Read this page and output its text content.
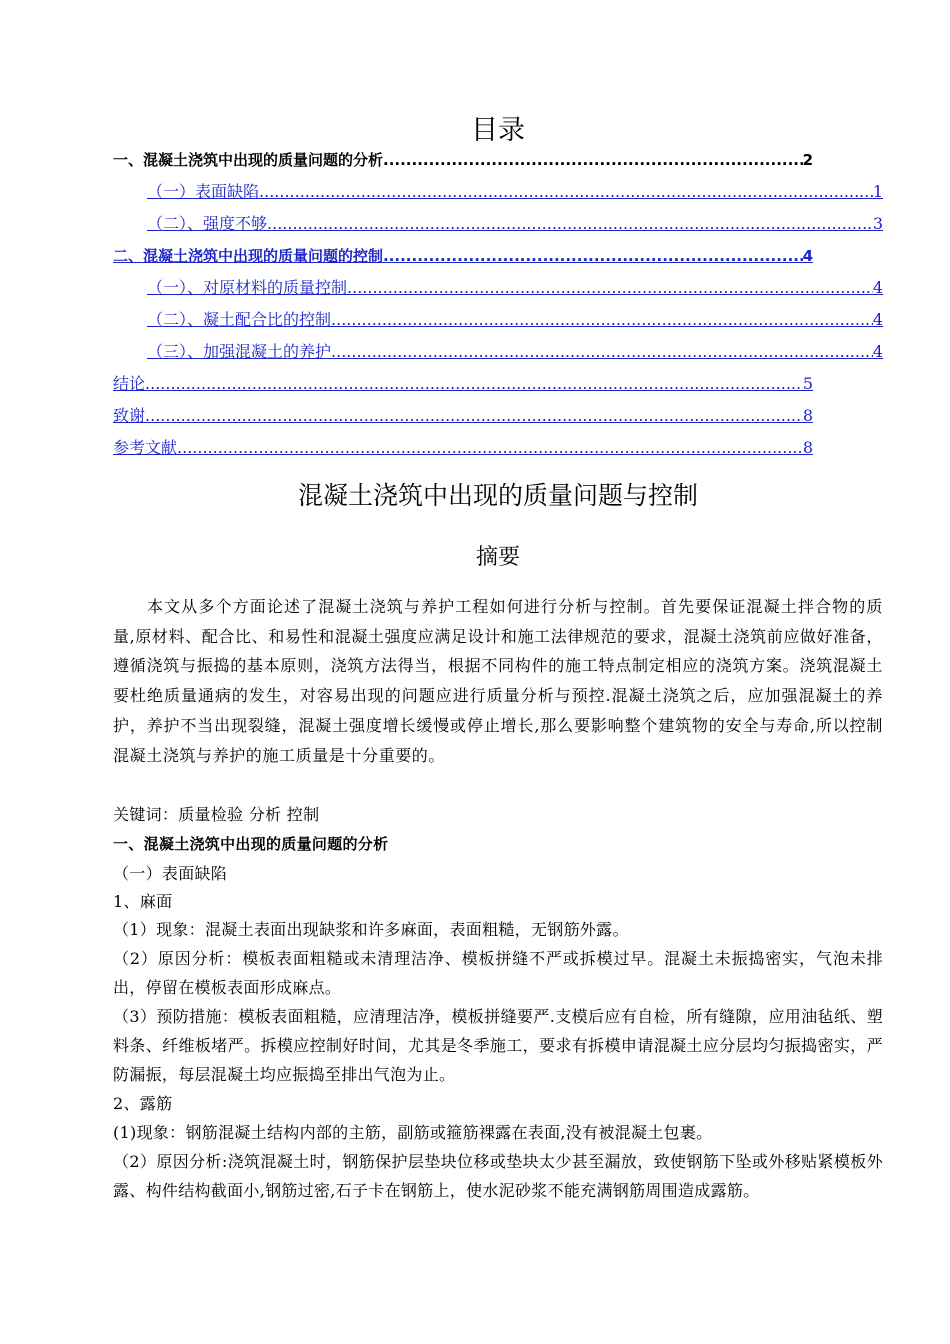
目录
一、混凝土浇筑中出现的质量问题的分析 .....	2
（一）表面缺陷 .....	1
（二）、强度不够 .....	3
二、混凝土浇筑中出现的质量问题的控制 .....	4
（一）、对原材料的质量控制 .....	4
（二）、凝土配合比的控制 .....	4
（三）、加强混凝土的养护 .....	4
结论 .....	5
致谢 .....	8
参考文献 .....	8
混凝土浇筑中出现的质量问题与控制
摘要
本文从多个方面论述了混凝土浇筑与养护工程如何进行分析与控制。首先要保证混凝土拌合物的质量,原材料、配合比、和易性和混凝土强度应满足设计和施工法律规范的要求，混凝土浇筑前应做好准备，遵循浇筑与振捣的基本原则，浇筑方法得当，根据不同构件的施工特点制定相应的浇筑方案。浇筑混凝土要杜绝质量通病的发生，对容易出现的问题应进行质量分析与预控.混凝土浇筑之后，应加强混凝土的养护，养护不当出现裂缝，混凝土强度增长缓慢或停止增长,那么要影响整个建筑物的安全与寿命,所以控制混凝土浇筑与养护的施工质量是十分重要的。
关键词：质量检验 分析 控制
一、混凝土浇筑中出现的质量问题的分析
（一）表面缺陷
1、麻面
（1）现象：混凝土表面出现缺浆和许多麻面，表面粗糙，无钢筋外露。
（2）原因分析：模板表面粗糙或未清理洁净、模板拼缝不严或拆模过早。混凝土未振捣密实，气泡未排出，停留在模板表面形成麻点。
（3）预防措施：模板表面粗糙，应清理洁净，模板拼缝要严.支模后应有自检，所有缝隙，应用油毡纸、塑料条、纤维板堵严。拆模应控制好时间，尤其是冬季施工，要求有拆模申请混凝土应分层均匀振捣密实，严防漏振，每层混凝土均应振捣至排出气泡为止。
2、露筋
(1)现象：钢筋混凝土结构内部的主筋，副筋或箍筋裸露在表面,没有被混凝土包裹。
（2）原因分析:浇筑混凝土时，钢筋保护层垫块位移或垫块太少甚至漏放，致使钢筋下坠或外移贴紧模板外露、构件结构截面小,钢筋过密,石子卡在钢筋上，使水泥砂浆不能充满钢筋周围造成露筋。
